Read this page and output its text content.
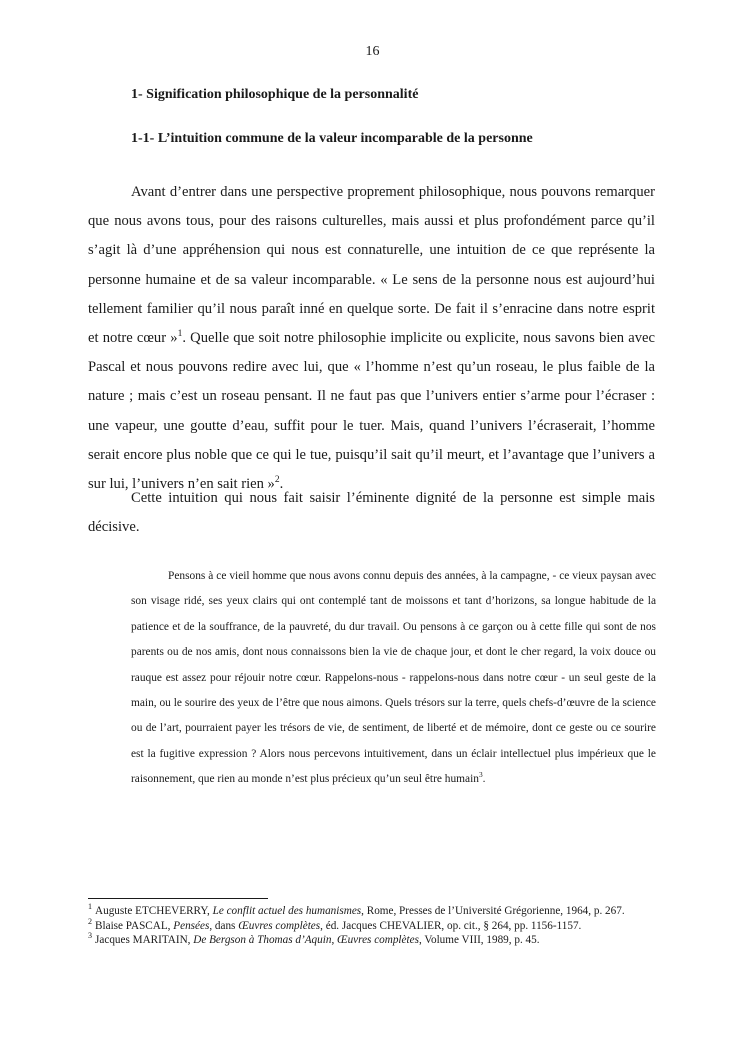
16
1- Signification philosophique de la personnalité
1-1- L’intuition commune de la valeur incomparable de la personne
Avant d’entrer dans une perspective proprement philosophique, nous pouvons remarquer que nous avons tous, pour des raisons culturelles, mais aussi et plus profondément parce qu’il s’agit là d’une appréhension qui nous est connaturelle, une intuition de ce que représente la personne humaine et de sa valeur incomparable. « Le sens de la personne nous est aujourd’hui tellement familier qu’il nous paraît inné en quelque sorte. De fait il s’enracine dans notre esprit et notre cœur »$^1$. Quelle que soit notre philosophie implicite ou explicite, nous savons bien avec Pascal et nous pouvons redire avec lui, que « l’homme n’est qu’un roseau, le plus faible de la nature ; mais c’est un roseau pensant. Il ne faut pas que l’univers entier s’arme pour l’écraser : une vapeur, une goutte d’eau, suffit pour le tuer. Mais, quand l’univers l’écraserait, l’homme serait encore plus noble que ce qui le tue, puisqu’il sait qu’il meurt, et l’avantage que l’univers a sur lui, l’univers n’en sait rien »$^2$.
Cette intuition qui nous fait saisir l’éminente dignité de la personne est simple mais décisive.
Pensons à ce vieil homme que nous avons connu depuis des années, à la campagne, - ce vieux paysan avec son visage ridé, ses yeux clairs qui ont contemplé tant de moissons et tant d’horizons, sa longue habitude de la patience et de la souffrance, de la pauvreté, du dur travail. Ou pensons à ce garçon ou à cette fille qui sont de nos parents ou de nos amis, dont nous connaissons bien la vie de chaque jour, et dont le cher regard, la voix douce ou rauque est assez pour réjouir notre cœur. Rappelons-nous - rappelons-nous dans notre cœur - un seul geste de la main, ou le sourire des yeux de l’être que nous aimons. Quels trésors sur la terre, quels chefs-d’œuvre de la science ou de l’art, pourraient payer les trésors de vie, de sentiment, de liberté et de mémoire, dont ce geste ou ce sourire est la fugitive expression ? Alors nous percevons intuitivement, dans un éclair intellectuel plus impérieux que le raisonnement, que rien au monde n’est plus précieux qu’un seul être humain$^3$.

$^1$ Auguste ETCHEVERRY, Le conflit actuel des humanismes, Rome, Presses de l’Université Grégorienne, 1964, p. 267.

$^2$ Blaise PASCAL, Pensées, dans Œuvres complètes, éd. Jacques CHEVALIER, op. cit., § 264, pp. 1156-1157.

$^3$ Jacques MARITAIN, De Bergson à Thomas d’Aquin, Œuvres complètes, Volume VIII, 1989, p. 45.
